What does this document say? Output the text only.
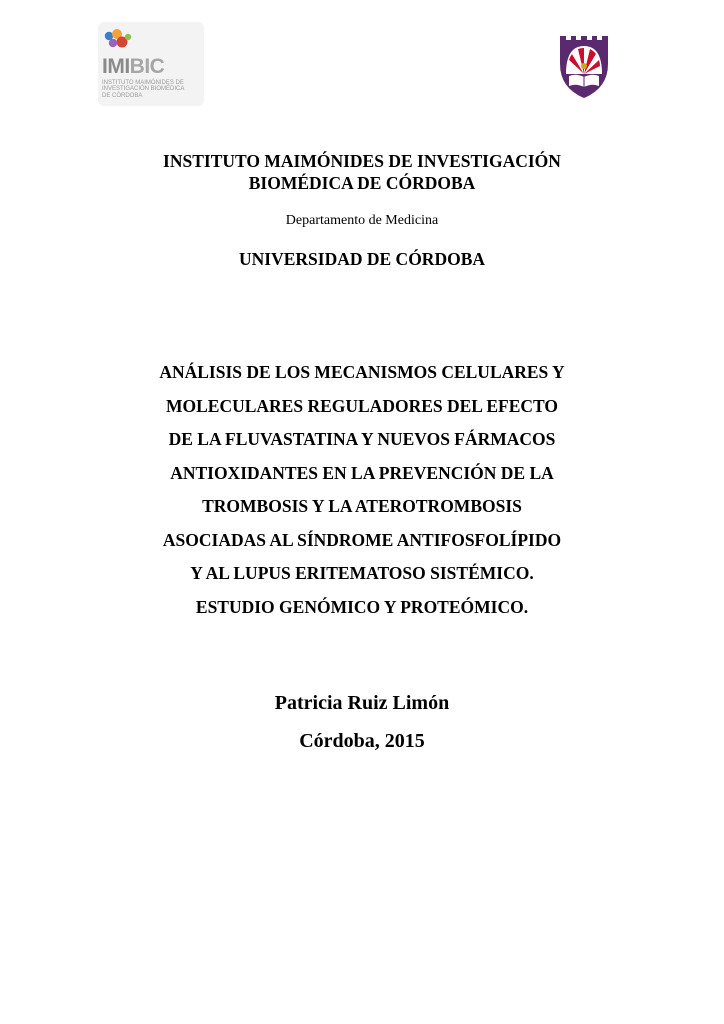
IMIBIC
INSTITUTO MAIMÓNIDES DE
INVESTIGACIÓN BIOMÉDICA
DE CÓRDOBA
INSTITUTO MAIMÓNIDES DE INVESTIGACIÓN
BIOMÉDICA DE CÓRDOBA
Departamento de Medicina
UNIVERSIDAD DE CÓRDOBA
ANÁLISIS DE LOS MECANISMOS CELULARES Y
MOLECULARES REGULADORES DEL EFECTO
DE LA FLUVASTATINA Y NUEVOS FÁRMACOS
ANTIOXIDANTES EN LA PREVENCIÓN DE LA
TROMBOSIS Y LA ATEROTROMBOSIS
ASOCIADAS AL SÍNDROME ANTIFOSFOLÍPIDO
Y AL LUPUS ERITEMATOSO SISTÉMICO.
ESTUDIO GENÓMICO Y PROTEÓMICO.
Patricia Ruiz Limón
Córdoba, 2015
